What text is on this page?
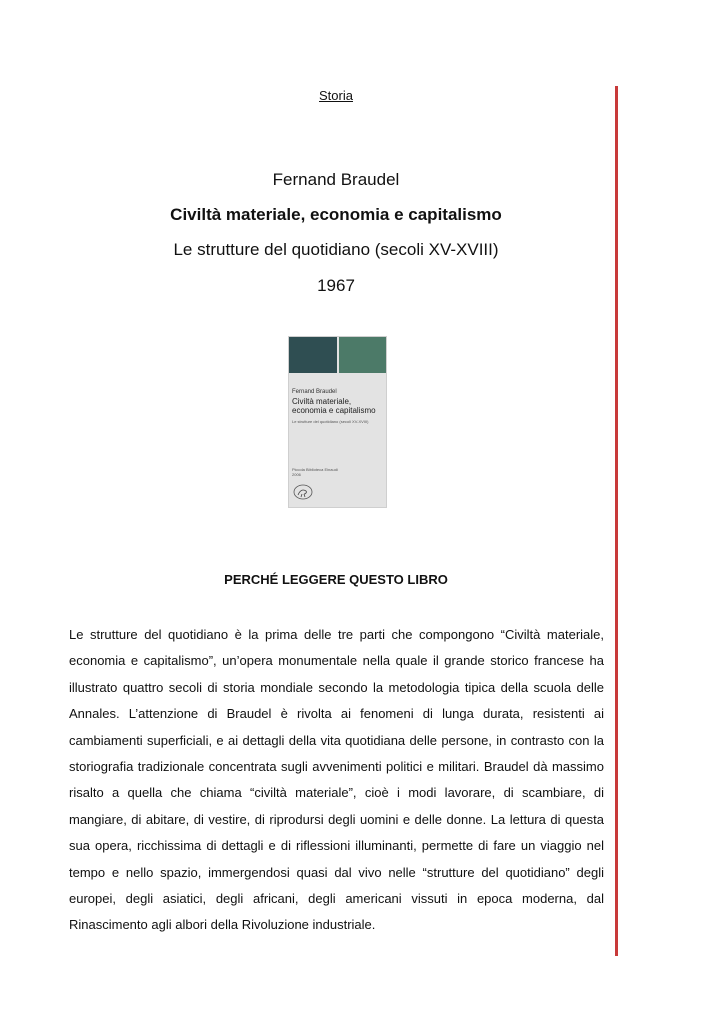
Storia
Fernand Braudel
Civiltà materiale, economia e capitalismo
Le strutture del quotidiano (secoli XV-XVIII)
1967
Fernand Braudel
Civiltà materiale,
economia e capitalismo
Le strutture del quotidiano (secoli XV-XVIII)
Piccola Biblioteca Einaudi
2006
PERCHÉ LEGGERE QUESTO LIBRO

Le strutture del quotidiano è la prima delle tre parti che compongono “Civiltà materiale, economia e capitalismo”, un’opera monumentale nella quale il grande storico francese ha illustrato quattro secoli di storia mondiale secondo la metodologia tipica della scuola delle Annales. L’attenzione di Braudel è rivolta ai fenomeni di lunga durata, resistenti ai cambiamenti superficiali, e ai dettagli della vita quotidiana delle persone, in contrasto con la storiografia tradizionale concentrata sugli avvenimenti politici e militari. Braudel dà massimo risalto a quella che chiama “civiltà materiale”, cioè i modi lavorare, di scambiare, di mangiare, di abitare, di vestire, di riprodursi degli uomini e delle donne. La lettura di questa sua opera, ricchissima di dettagli e di riflessioni illuminanti, permette di fare un viaggio nel tempo e nello spazio, immergendosi quasi dal vivo nelle “strutture del quotidiano” degli europei, degli asiatici, degli africani, degli americani vissuti in epoca moderna, dal Rinascimento agli albori della Rivoluzione industriale.
